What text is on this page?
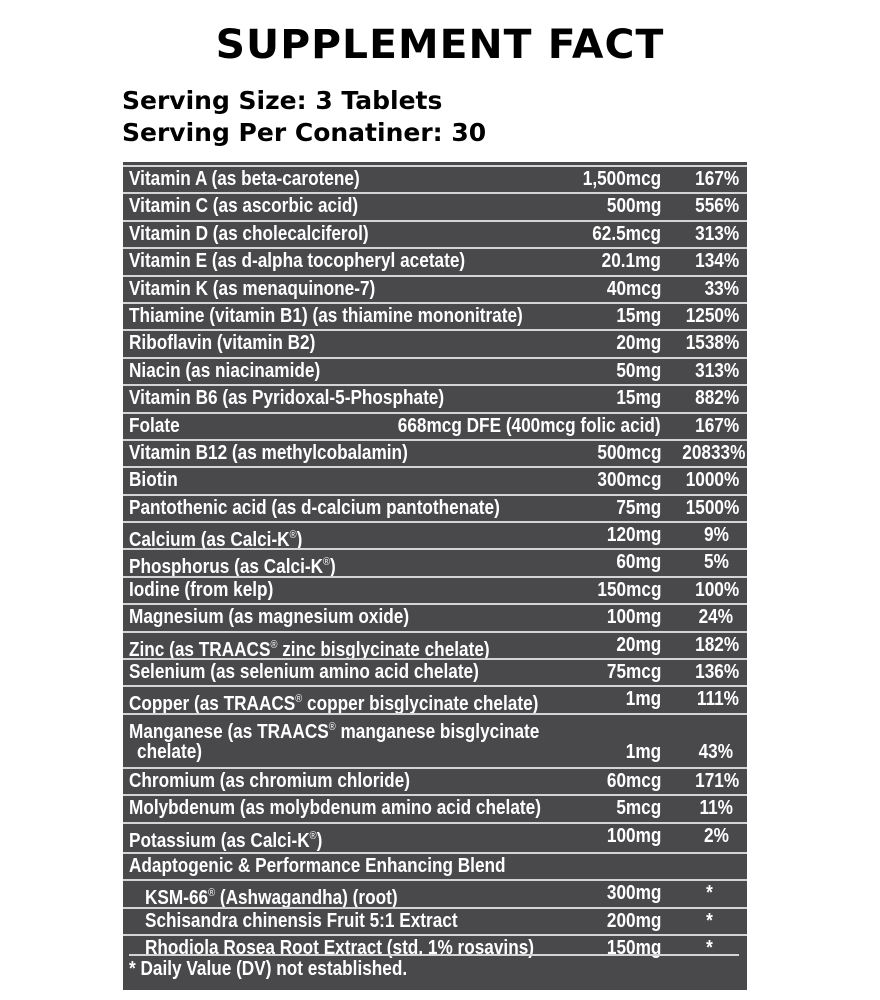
SUPPLEMENT FACT
Serving Size: 3 Tablets
Serving Per Conatiner: 30
Vitamin A (as beta-carotene)	1,500mcg 167%
Vitamin C (as ascorbic acid)	500mg 556%
Vitamin D (as cholecalciferol)	62.5mcg 313%
Vitamin E (as d-alpha tocopheryl acetate)	20.1mg 134%
Vitamin K (as menaquinone-7)	40mcg 33%
Thiamine (vitamin B1) (as thiamine mononitrate)	15mg 1250%
Riboflavin (vitamin B2)	20mg 1538%
Niacin (as niacinamide)	50mg 313%
Vitamin B6 (as Pyridoxal-5-Phosphate)	15mg 882%
Folate	668mcg DFE (400mcg folic acid) 167%
Vitamin B12 (as methylcobalamin)	500mcg 20833%
Biotin	300mcg 1000%
Pantothenic acid (as d-calcium pantothenate)	75mg 1500%
Calcium (as Calci-K®)	120mg 9%
Phosphorus (as Calci-K®)	60mg 5%
Iodine (from kelp)	150mcg 100%
Magnesium (as magnesium oxide)	100mg 24%
Zinc (as TRAACS® zinc bisglycinate chelate)	20mg 182%
Selenium (as selenium amino acid chelate)	75mcg 136%
Copper (as TRAACS® copper bisglycinate chelate)	1mg 111%
Manganese (as TRAACS® manganese bisglycinate
chelate)	1mg 43%
Chromium (as chromium chloride)	60mcg 171%
Molybdenum (as molybdenum amino acid chelate)	5mcg 11%
Potassium (as Calci-K®)	100mg 2%
Adaptogenic & Performance Enhancing Blend
KSM-66® (Ashwagandha) (root)	300mg *
Schisandra chinensis Fruit 5:1 Extract	200mg *
Rhodiola Rosea Root Extract (std. 1% rosavins)	150mg *
* Daily Value (DV) not established.
